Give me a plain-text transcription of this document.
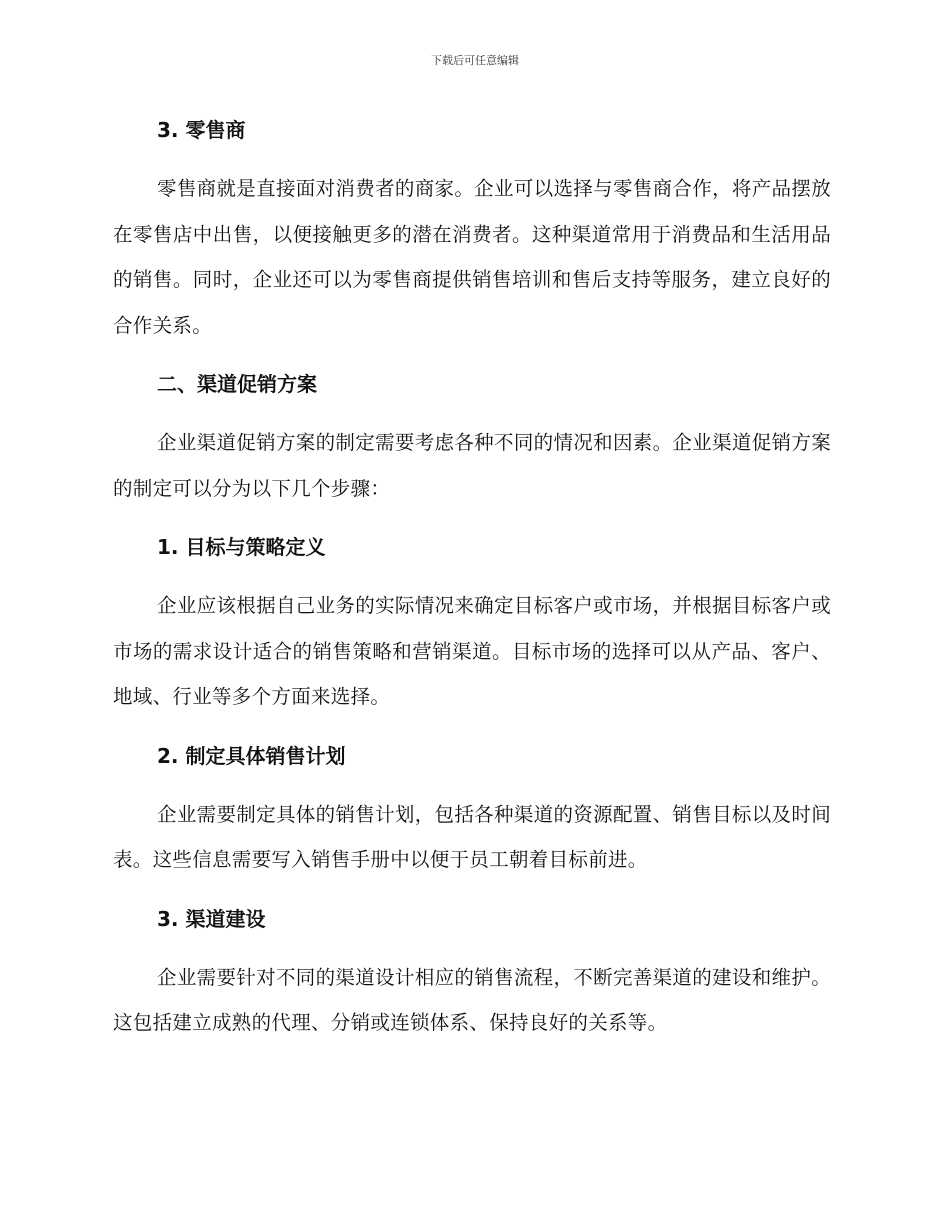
下载后可任意编辑
3. 零售商

零售商就是直接面对消费者的商家。企业可以选择与零售商合作，将产品摆放在零售店中出售，以便接触更多的潜在消费者。这种渠道常用于消费品和生活用品的销售。同时，企业还可以为零售商提供销售培训和售后支持等服务，建立良好的合作关系。

二、渠道促销方案

企业渠道促销方案的制定需要考虑各种不同的情况和因素。企业渠道促销方案的制定可以分为以下几个步骤：

1. 目标与策略定义

企业应该根据自己业务的实际情况来确定目标客户或市场，并根据目标客户或市场的需求设计适合的销售策略和营销渠道。目标市场的选择可以从产品、客户、地域、行业等多个方面来选择。

2. 制定具体销售计划

企业需要制定具体的销售计划，包括各种渠道的资源配置、销售目标以及时间表。这些信息需要写入销售手册中以便于员工朝着目标前进。

3. 渠道建设

企业需要针对不同的渠道设计相应的销售流程，不断完善渠道的建设和维护。这包括建立成熟的代理、分销或连锁体系、保持良好的关系等。
